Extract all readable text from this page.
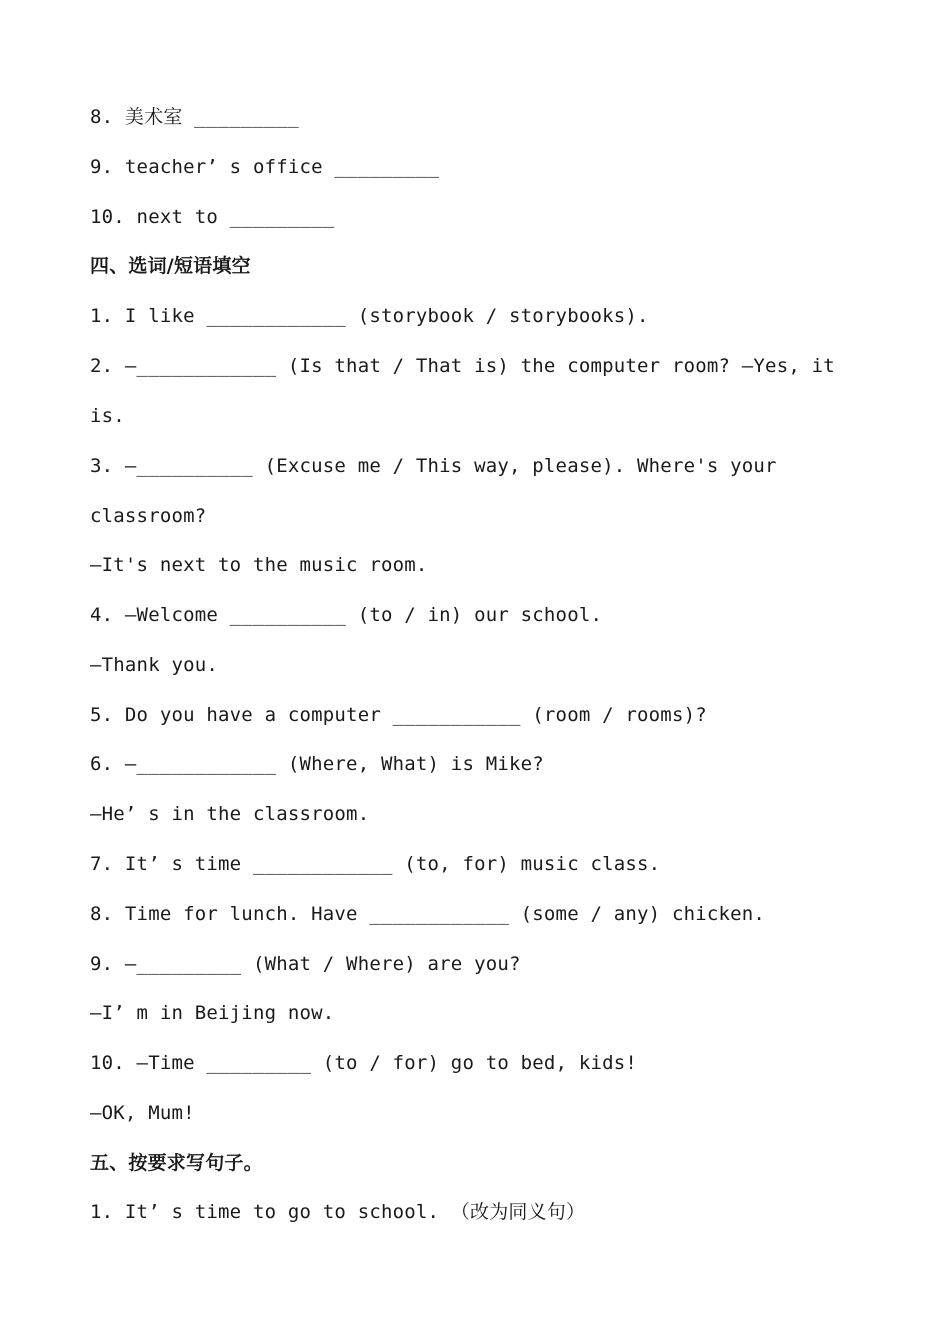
8. 美术室 _________
9. teacher’ s office _________
10. next to _________
四、选词/短语填空
1. I like ____________ (storybook / storybooks).
2. —____________ (Is that / That is) the computer room? —Yes, it
is.
3. —__________ (Excuse me / This way, please). Where's your
classroom?
—It's next to the music room.
4. —Welcome __________ (to / in) our school.
—Thank you.
5. Do you have a computer ___________ (room / rooms)?
6. —____________ (Where, What) is Mike?
—He’ s in the classroom.
7. It’ s time ____________ (to, for) music class.
8. Time for lunch. Have ____________ (some / any) chicken.
9. —_________ (What / Where) are you?
—I’ m in Beijing now.
10. —Time _________ (to / for) go to bed, kids!
—OK, Mum!
五、按要求写句子。
1. It’ s time to go to school. （改为同义句）
